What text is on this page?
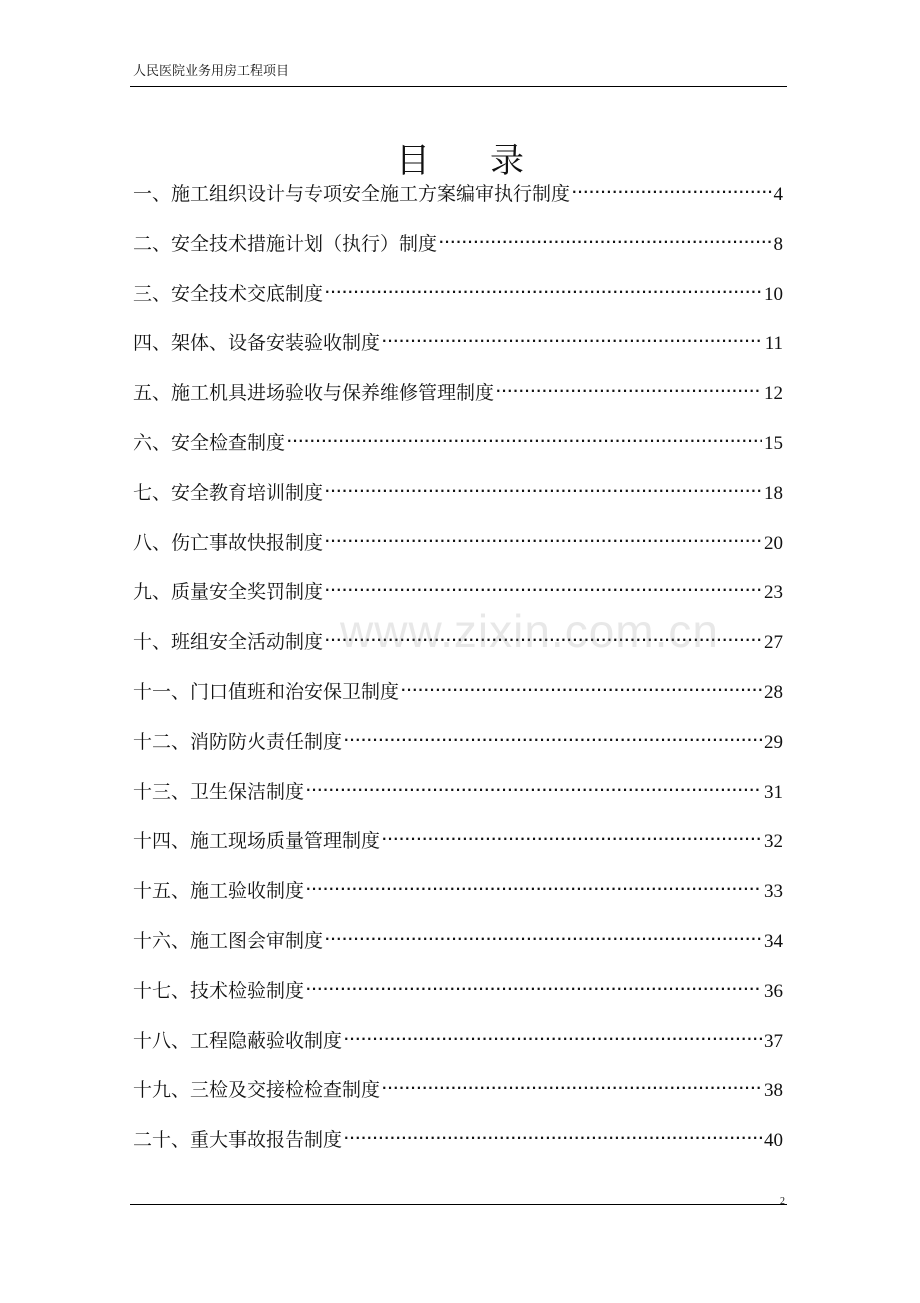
人民医院业务用房工程项目
目录
一、施工组织设计与专项安全施工方案编审执行制度 ·····	4
二、安全技术措施计划（执行）制度 ·····	8
三、安全技术交底制度 ·····	10
四、架体、设备安装验收制度 ·····	11
五、施工机具进场验收与保养维修管理制度 ·····	12
六、安全检查制度 ·····	15
七、安全教育培训制度 ·····	18
八、伤亡事故快报制度 ·····	20
九、质量安全奖罚制度 ·····	23
十、班组安全活动制度 ·····	27
十一、门口值班和治安保卫制度 ·····	28
十二、消防防火责任制度 ·····	29
十三、卫生保洁制度 ·····	31
十四、施工现场质量管理制度 ·····	32
十五、施工验收制度 ·····	33
十六、施工图会审制度 ·····	34
十七、技术检验制度 ·····	36
十八、工程隐蔽验收制度 ·····	37
十九、三检及交接检检查制度 ·····	38
二十、重大事故报告制度 ·····	40
www.zixin.com.cn
2
